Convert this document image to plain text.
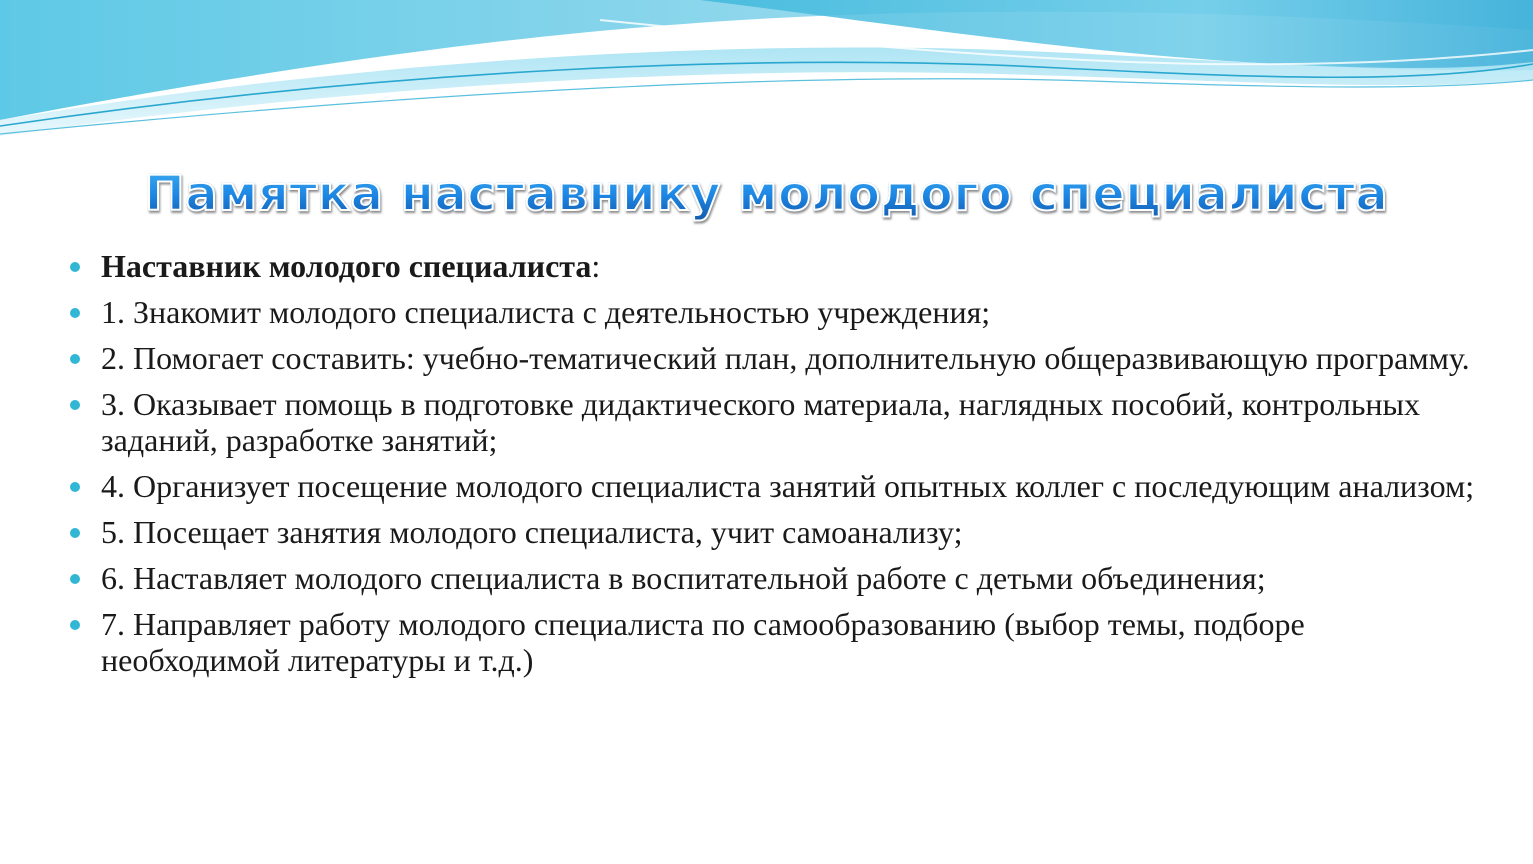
Памятка наставнику молодого специалиста
Наставник молодого специалиста:
1. Знакомит молодого специалиста с деятельностью учреждения;
2. Помогает составить: учебно-тематический план, дополнительную общеразвивающую программу.
3. Оказывает помощь в подготовке дидактического материала, наглядных пособий, контрольных заданий, разработке занятий;
4. Организует посещение молодого специалиста занятий опытных коллег с последующим анализом;
5. Посещает занятия молодого специалиста, учит самоанализу;
6. Наставляет молодого специалиста в воспитательной работе с детьми объединения;
7. Направляет работу молодого специалиста по самообразованию (выбор темы, подборе необходимой литературы и т.д.)
